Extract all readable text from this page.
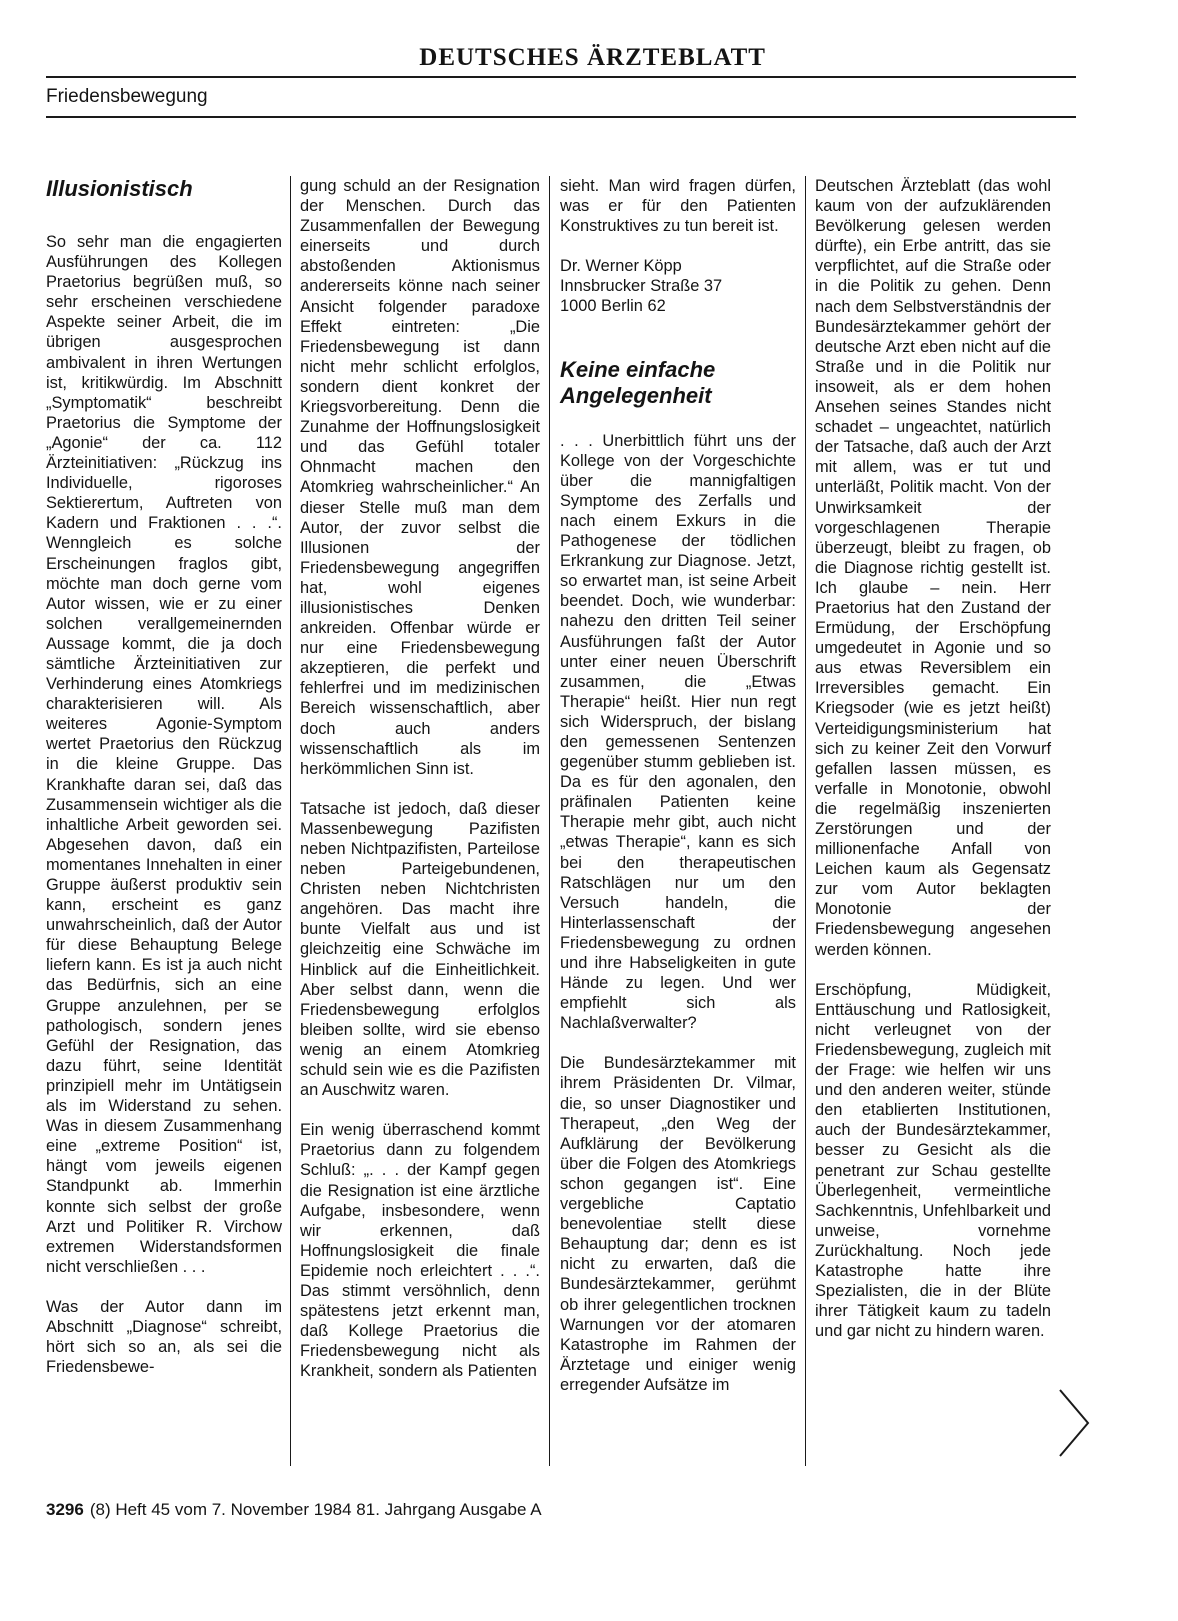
DEUTSCHES ÄRZTEBLATT
Friedensbewegung
Illusionistisch

So sehr man die engagierten Ausführungen des Kollegen Praetorius begrüßen muß, so sehr erscheinen verschiedene Aspekte seiner Arbeit, die im übrigen ausgesprochen ambivalent in ihren Wertungen ist, kritikwürdig. Im Abschnitt „Symptomatik“ beschreibt Praetorius die Symptome der „Agonie“ der ca. 112 Ärzteinitiativen: „Rückzug ins Individuelle, rigoroses Sektierertum, Auftreten von Kadern und Fraktionen . . .“. Wenngleich es solche Erscheinungen fraglos gibt, möchte man doch gerne vom Autor wissen, wie er zu einer solchen verallgemeinernden Aussage kommt, die ja doch sämtliche Ärzteinitiativen zur Verhinderung eines Atomkriegs charakterisieren will. Als weiteres Agonie-Symptom wertet Praetorius den Rückzug in die kleine Gruppe. Das Krankhafte daran sei, daß das Zusammensein wichtiger als die inhaltliche Arbeit geworden sei. Abgesehen davon, daß ein momentanes Innehalten in einer Gruppe äußerst produktiv sein kann, erscheint es ganz unwahrscheinlich, daß der Autor für diese Behauptung Belege liefern kann. Es ist ja auch nicht das Bedürfnis, sich an eine Gruppe anzulehnen, per se pathologisch, sondern jenes Gefühl der Resignation, das dazu führt, seine Identität prinzipiell mehr im Untätigsein als im Widerstand zu sehen. Was in diesem Zusammenhang eine „extreme Position“ ist, hängt vom jeweils eigenen Standpunkt ab. Immerhin konnte sich selbst der große Arzt und Politiker R. Virchow extremen Widerstandsformen nicht verschließen . . .

Was der Autor dann im Abschnitt „Diagnose“ schreibt, hört sich so an, als sei die Friedensbewe-

gung schuld an der Resignation der Menschen. Durch das Zusammenfallen der Bewegung einerseits und durch abstoßenden Aktionismus andererseits könne nach seiner Ansicht folgender paradoxe Effekt eintreten: „Die Friedensbewegung ist dann nicht mehr schlicht erfolglos, sondern dient konkret der Kriegsvorbereitung. Denn die Zunahme der Hoffnungslosigkeit und das Gefühl totaler Ohnmacht machen den Atomkrieg wahrscheinlicher.“ An dieser Stelle muß man dem Autor, der zuvor selbst die Illusionen der Friedensbewegung angegriffen hat, wohl eigenes illusionistisches Denken ankreiden. Offenbar würde er nur eine Friedensbewegung akzeptieren, die perfekt und fehlerfrei und im medizinischen Bereich wissenschaftlich, aber doch auch anders wissenschaftlich als im herkömmlichen Sinn ist.

Tatsache ist jedoch, daß dieser Massenbewegung Pazifisten neben Nichtpazifisten, Parteilose neben Parteigebundenen, Christen neben Nichtchristen angehören. Das macht ihre bunte Vielfalt aus und ist gleichzeitig eine Schwäche im Hinblick auf die Einheitlichkeit. Aber selbst dann, wenn die Friedensbewegung erfolglos bleiben sollte, wird sie ebenso wenig an einem Atomkrieg schuld sein wie es die Pazifisten an Auschwitz waren.

Ein wenig überraschend kommt Praetorius dann zu folgendem Schluß: „. . . der Kampf gegen die Resignation ist eine ärztliche Aufgabe, insbesondere, wenn wir erkennen, daß Hoffnungslosigkeit die finale Epidemie noch erleichtert . . .“. Das stimmt versöhnlich, denn spätestens jetzt erkennt man, daß Kollege Praetorius die Friedensbewegung nicht als Krankheit, sondern als Patienten

sieht. Man wird fragen dürfen, was er für den Patienten Konstruktives zu tun bereit ist.

Dr. Werner Köpp
Innsbrucker Straße 37
1000 Berlin 62
Keine einfache Angelegenheit

. . . Unerbittlich führt uns der Kollege von der Vorgeschichte über die mannigfaltigen Symptome des Zerfalls und nach einem Exkurs in die Pathogenese der tödlichen Erkrankung zur Diagnose. Jetzt, so erwartet man, ist seine Arbeit beendet. Doch, wie wunderbar: nahezu den dritten Teil seiner Ausführungen faßt der Autor unter einer neuen Überschrift zusammen, die „Etwas Therapie“ heißt. Hier nun regt sich Widerspruch, der bislang den gemessenen Sentenzen gegenüber stumm geblieben ist. Da es für den agonalen, den präfinalen Patienten keine Therapie mehr gibt, auch nicht „etwas Therapie“, kann es sich bei den therapeutischen Ratschlägen nur um den Versuch handeln, die Hinterlassenschaft der Friedensbewegung zu ordnen und ihre Habseligkeiten in gute Hände zu legen. Und wer empfiehlt sich als Nachlaßverwalter?

Die Bundesärztekammer mit ihrem Präsidenten Dr. Vilmar, die, so unser Diagnostiker und Therapeut, „den Weg der Aufklärung der Bevölkerung über die Folgen des Atomkriegs schon gegangen ist“. Eine vergebliche Captatio benevolentiae stellt diese Behauptung dar; denn es ist nicht zu erwarten, daß die Bundesärztekammer, gerühmt ob ihrer gelegentlichen trocknen Warnungen vor der atomaren Katastrophe im Rahmen der Ärztetage und einiger wenig erregender Aufsätze im

Deutschen Ärzteblatt (das wohl kaum von der aufzuklärenden Bevölkerung gelesen werden dürfte), ein Erbe antritt, das sie verpflichtet, auf die Straße oder in die Politik zu gehen. Denn nach dem Selbstverständnis der Bundesärztekammer gehört der deutsche Arzt eben nicht auf die Straße und in die Politik nur insoweit, als er dem hohen Ansehen seines Standes nicht schadet – ungeachtet, natürlich der Tatsache, daß auch der Arzt mit allem, was er tut und unterläßt, Politik macht. Von der Unwirksamkeit der vorgeschlagenen Therapie überzeugt, bleibt zu fragen, ob die Diagnose richtig gestellt ist. Ich glaube – nein. Herr Praetorius hat den Zustand der Ermüdung, der Erschöpfung umgedeutet in Agonie und so aus etwas Reversiblem ein Irreversibles gemacht. Ein Kriegsoder (wie es jetzt heißt) Verteidigungsministerium hat sich zu keiner Zeit den Vorwurf gefallen lassen müssen, es verfalle in Monotonie, obwohl die regelmäßig inszenierten Zerstörungen und der millionenfache Anfall von Leichen kaum als Gegensatz zur vom Autor beklagten Monotonie der Friedensbewegung angesehen werden können.

Erschöpfung, Müdigkeit, Enttäuschung und Ratlosigkeit, nicht verleugnet von der Friedensbewegung, zugleich mit der Frage: wie helfen wir uns und den anderen weiter, stünde den etablierten Institutionen, auch der Bundesärztekammer, besser zu Gesicht als die penetrant zur Schau gestellte Überlegenheit, vermeintliche Sachkenntnis, Unfehlbarkeit und unweise, vornehme Zurückhaltung. Noch jede Katastrophe hatte ihre Spezialisten, die in der Blüte ihrer Tätigkeit kaum zu tadeln und gar nicht zu hindern waren.

3296 (8) Heft 45 vom 7. November 1984 81. Jahrgang Ausgabe A
